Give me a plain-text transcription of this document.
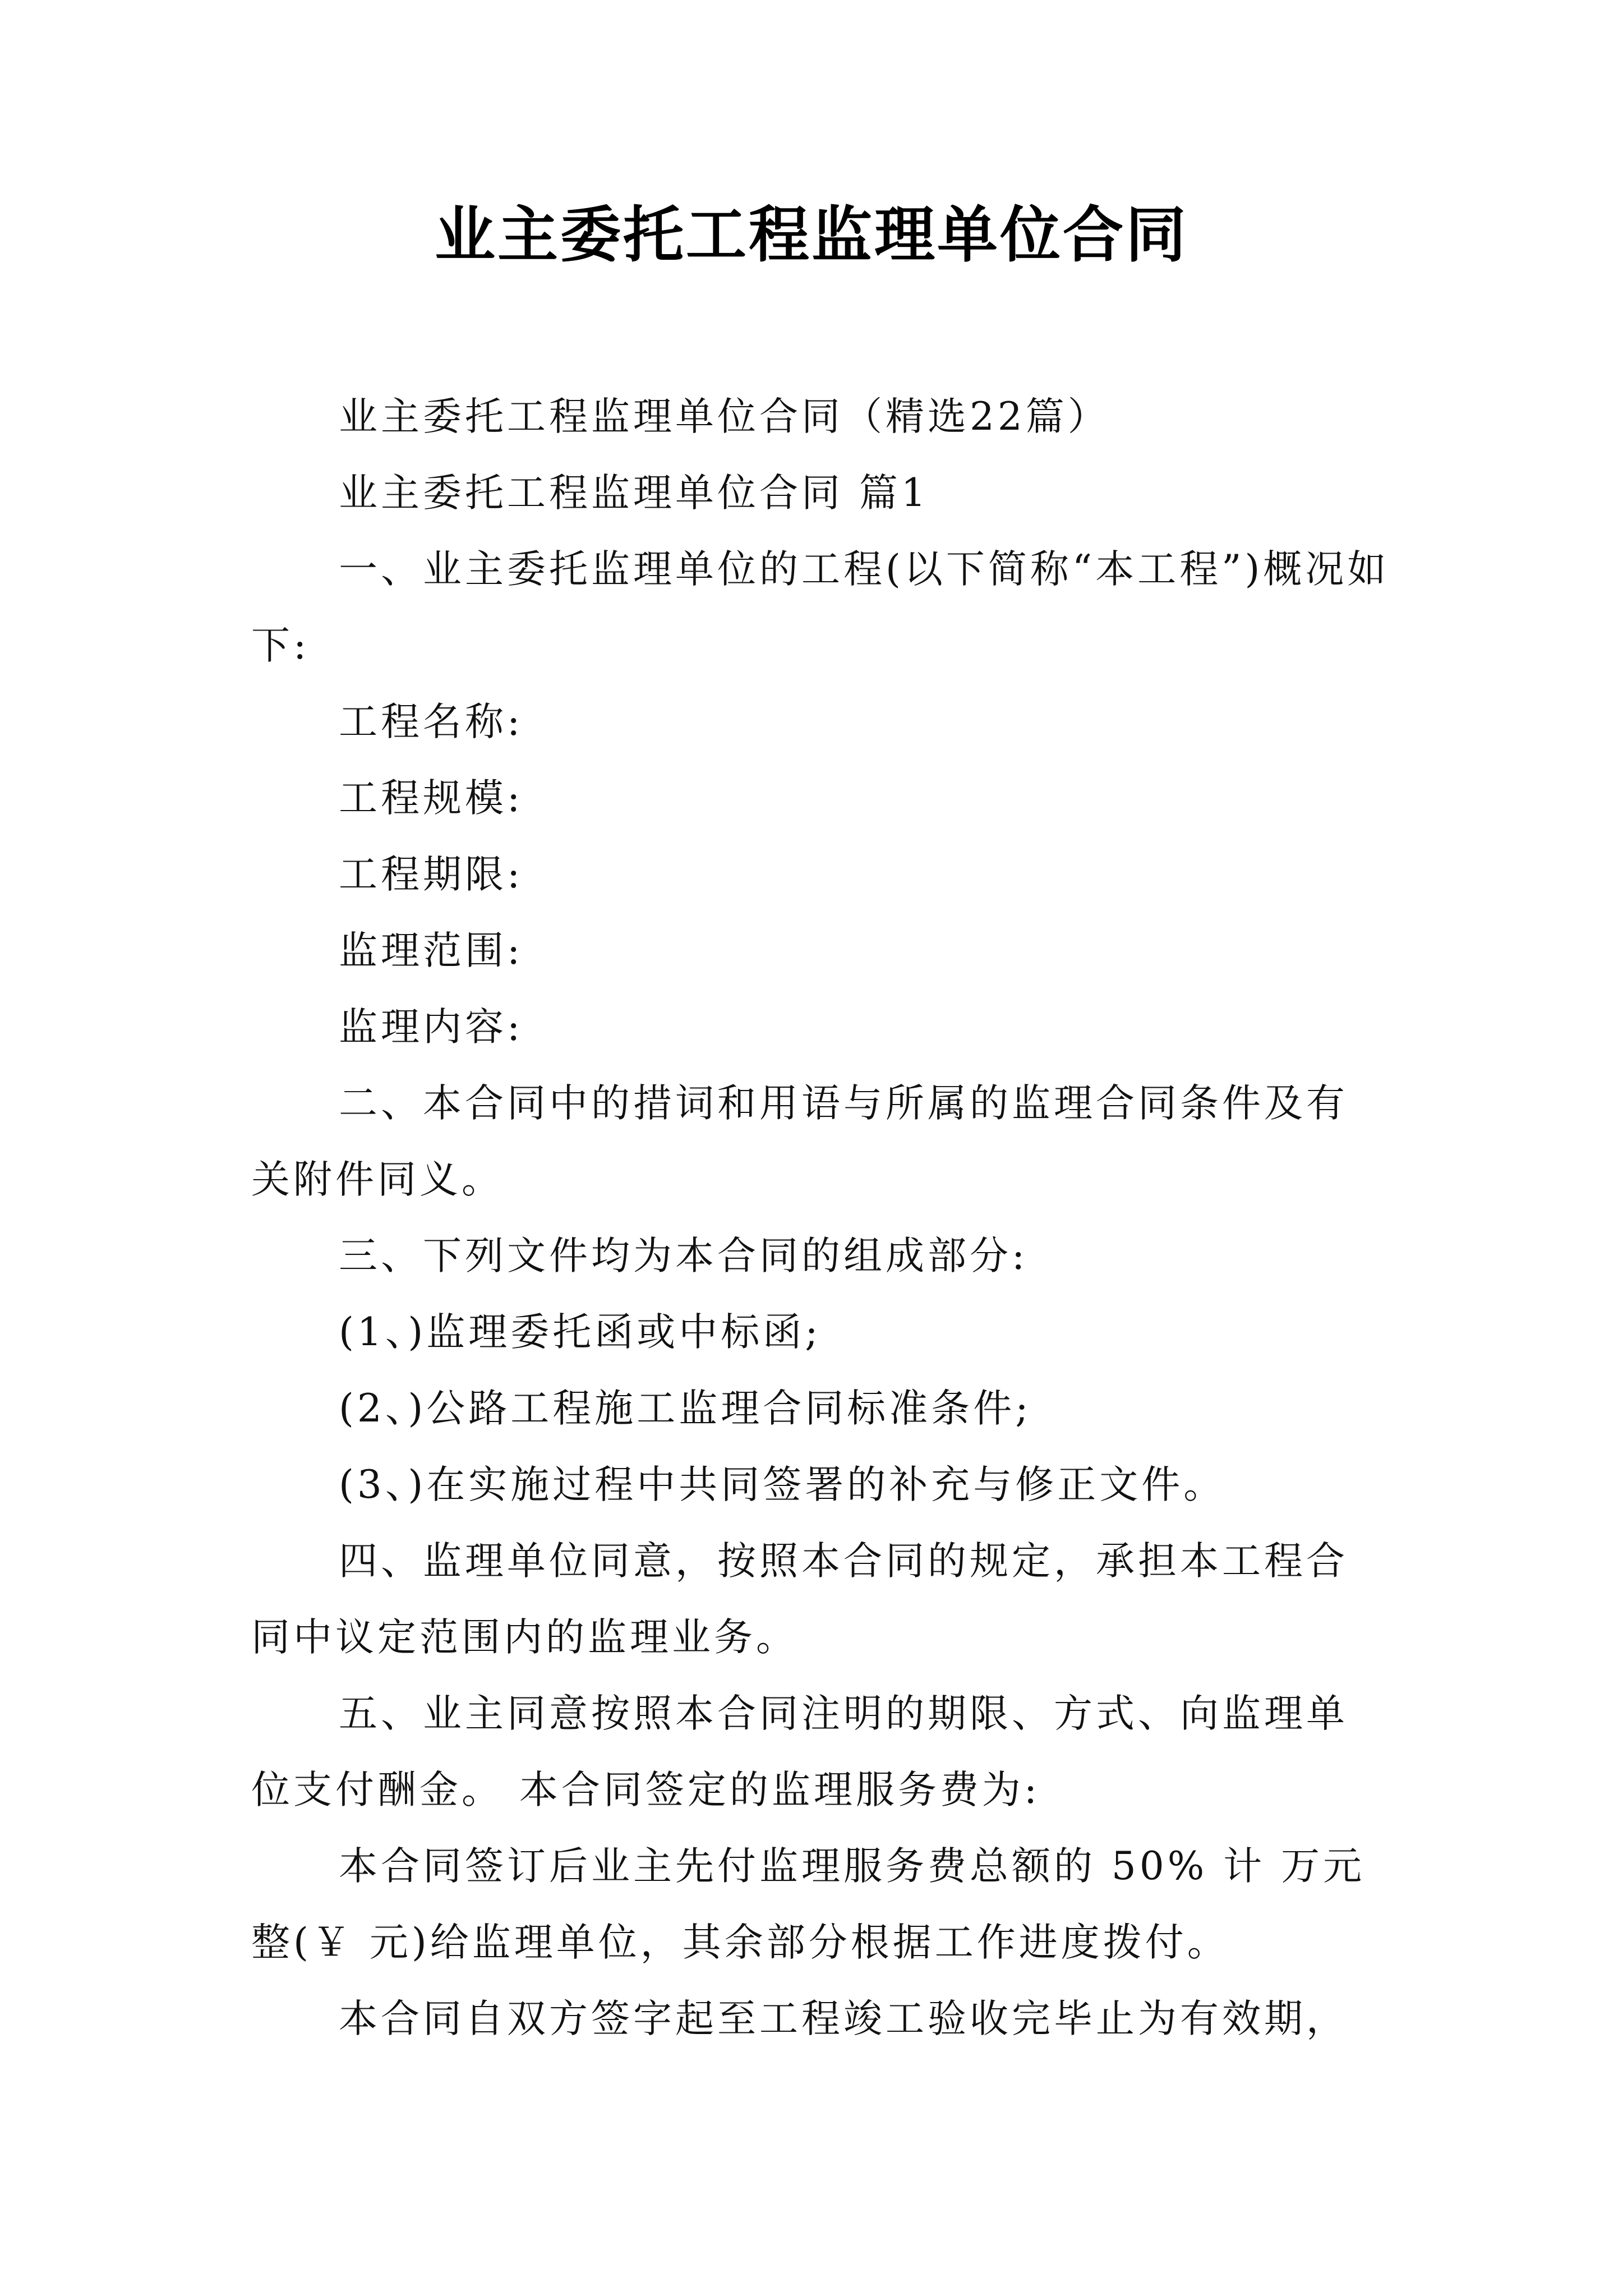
业主委托工程监理单位合同

业主委托工程监理单位合同（精选22篇）

业主委托工程监理单位合同 篇1

一、业主委托监理单位的工程(以下简称“本工程”)概况如下:

工程名称:

工程规模:

工程期限:

监理范围:

监理内容:

二、本合同中的措词和用语与所属的监理合同条件及有关附件同义。

三、下列文件均为本合同的组成部分:

(1、)监理委托函或中标函;

(2、)公路工程施工监理合同标准条件;

(3、)在实施过程中共同签署的补充与修正文件。

四、监理单位同意，按照本合同的规定，承担本工程合同中议定范围内的监理业务。

五、业主同意按照本合同注明的期限、方式、向监理单位支付酬金。 本合同签定的监理服务费为:

本合同签订后业主先付监理服务费总额的 50% 计 万元整(￥ 元)给监理单位，其余部分根据工作进度拨付。

本合同自双方签字起至工程竣工验收完毕止为有效期，
